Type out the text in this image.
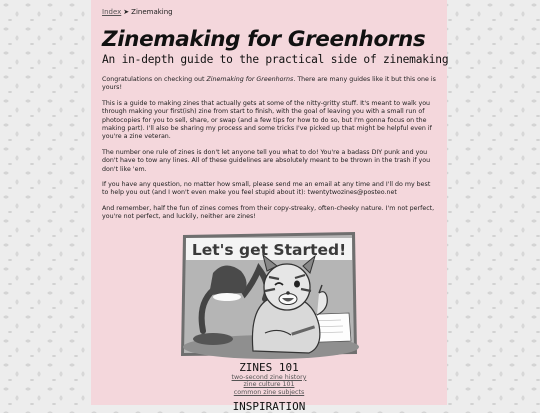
Index ➤ Zinemaking
Zinemaking for Greenhorns
An in-depth guide to the practical side of zinemaking

Congratulations on checking out Zinemaking for Greenhorns. There are many guides like it but this one is yours!

This is a guide to making zines that actually gets at some of the nitty-gritty stuff. It's meant to walk you through making your first(ish) zine from start to finish, with the goal of leaving you with a small run of photocopies for you to sell, share, or swap (and a few tips for how to do so, but I'm gonna focus on the making part). I'll also be sharing my process and some tricks I've picked up that might be helpful even if you're a zine veteran.

The number one rule of zines is don't let anyone tell you what to do! You're a badass DIY punk and you don't have to tow any lines. All of these guidelines are absolutely meant to be thrown in the trash if you don't like 'em.

If you have any question, no matter how small, please send me an email at any time and I'll do my best to help you out (and I won't even make you feel stupid about it): twentytwozines@posteo.net

And remember, half the fun of zines comes from their copy-streaky, often-cheeky nature. I'm not perfect, you're not perfect, and luckily, neither are zines!

Let's get Started!
ZINES 101
two-second zine history
zine culture 101
common zine subjects
INSPIRATION
